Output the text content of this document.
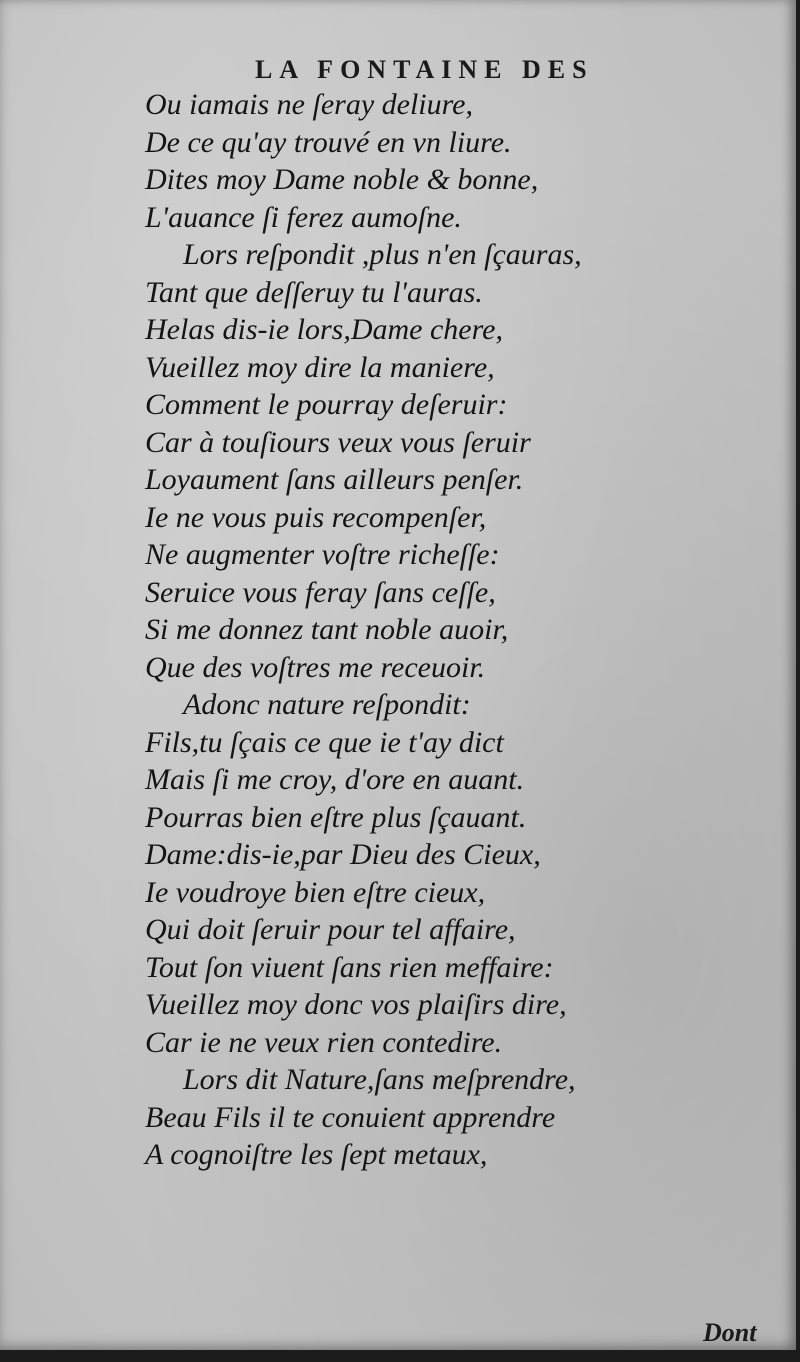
LA FONTAINE DES
Ou iamais ne ſeray deliure,
De ce qu'ay trouvé en vn liure.
Dites moy Dame noble & bonne,
L'auance ſi ferez aumoſne.
Lors reſpondit ,plus n'en ſçauras,
Tant que deſſeruy tu l'auras.
Helas dis-ie lors,Dame chere,
Vueillez moy dire la maniere,
Comment le pourray deſeruir:
Car à touſiours veux vous ſeruir
Loyaument ſans ailleurs penſer.
Ie ne vous puis recompenſer,
Ne augmenter voſtre richeſſe:
Seruice vous feray ſans ceſſe,
Si me donnez tant noble auoir,
Que des voſtres me receuoir.
Adonc nature reſpondit:
Fils,tu ſçais ce que ie t'ay dict
Mais ſi me croy, d'ore en auant.
Pourras bien eſtre plus ſçauant.
Dame:dis-ie,par Dieu des Cieux,
Ie voudroye bien eſtre cieux,
Qui doit ſeruir pour tel affaire,
Tout ſon viuent ſans rien meffaire:
Vueillez moy donc vos plaiſirs dire,
Car ie ne veux rien contedire.
Lors dit Nature,ſans meſprendre,
Beau Fils il te conuient apprendre
A cognoiſtre les ſept metaux,
Dont
